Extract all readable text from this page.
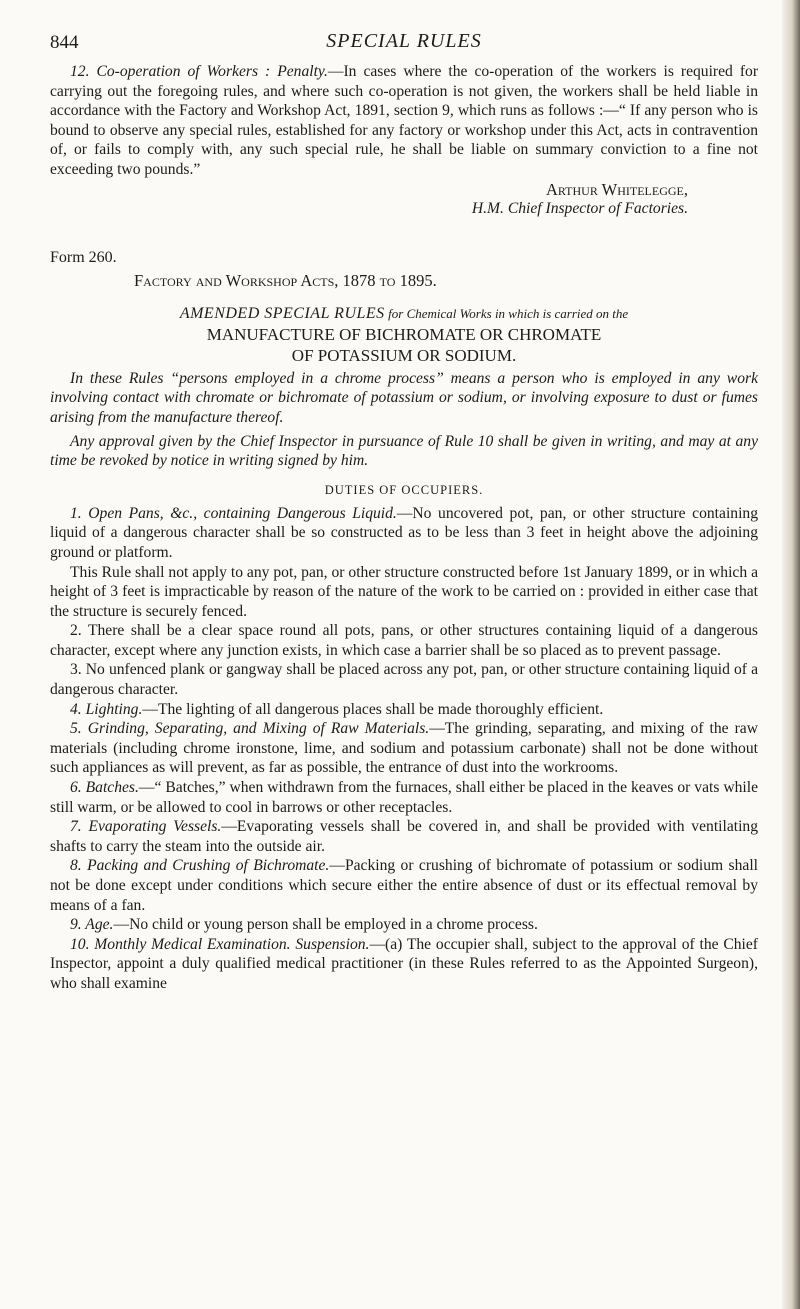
844	SPECIAL RULES

12. Co-operation of Workers : Penalty.—In cases where the co-operation of the workers is required for carrying out the foregoing rules, and where such co-operation is not given, the workers shall be held liable in accordance with the Factory and Workshop Act, 1891, section 9, which runs as follows :—“ If any person who is bound to observe any special rules, established for any factory or workshop under this Act, acts in contravention of, or fails to comply with, any such special rule, he shall be liable on summary conviction to a fine not exceeding two pounds.”

Arthur Whitelegge,
H.M. Chief Inspector of Factories.
Form 260.
Factory and Workshop Acts, 1878 to 1895.
AMENDED SPECIAL RULES for Chemical Works in which is carried on the
MANUFACTURE OF BICHROMATE OR CHROMATE
OF POTASSIUM OR SODIUM.

In these Rules “persons employed in a chrome process” means a person who is employed in any work involving contact with chromate or bichromate of potassium or sodium, or involving exposure to dust or fumes arising from the manufacture thereof.

Any approval given by the Chief Inspector in pursuance of Rule 10 shall be given in writing, and may at any time be revoked by notice in writing signed by him.

DUTIES OF OCCUPIERS.

1. Open Pans, &c., containing Dangerous Liquid.—No uncovered pot, pan, or other structure containing liquid of a dangerous character shall be so constructed as to be less than 3 feet in height above the adjoining ground or platform.

This Rule shall not apply to any pot, pan, or other structure constructed before 1st January 1899, or in which a height of 3 feet is impracticable by reason of the nature of the work to be carried on : provided in either case that the structure is securely fenced.

2. There shall be a clear space round all pots, pans, or other structures containing liquid of a dangerous character, except where any junction exists, in which case a barrier shall be so placed as to prevent passage.

3. No unfenced plank or gangway shall be placed across any pot, pan, or other structure containing liquid of a dangerous character.

4. Lighting.—The lighting of all dangerous places shall be made thoroughly efficient.

5. Grinding, Separating, and Mixing of Raw Materials.—The grinding, separating, and mixing of the raw materials (including chrome ironstone, lime, and sodium and potassium carbonate) shall not be done without such appliances as will prevent, as far as possible, the entrance of dust into the workrooms.

6. Batches.—“ Batches,” when withdrawn from the furnaces, shall either be placed in the keaves or vats while still warm, or be allowed to cool in barrows or other receptacles.

7. Evaporating Vessels.—Evaporating vessels shall be covered in, and shall be provided with ventilating shafts to carry the steam into the outside air.

8. Packing and Crushing of Bichromate.—Packing or crushing of bichromate of potassium or sodium shall not be done except under conditions which secure either the entire absence of dust or its effectual removal by means of a fan.

9. Age.—No child or young person shall be employed in a chrome process.

10. Monthly Medical Examination. Suspension.—(a) The occupier shall, subject to the approval of the Chief Inspector, appoint a duly qualified medical practitioner (in these Rules referred to as the Appointed Surgeon), who shall examine
